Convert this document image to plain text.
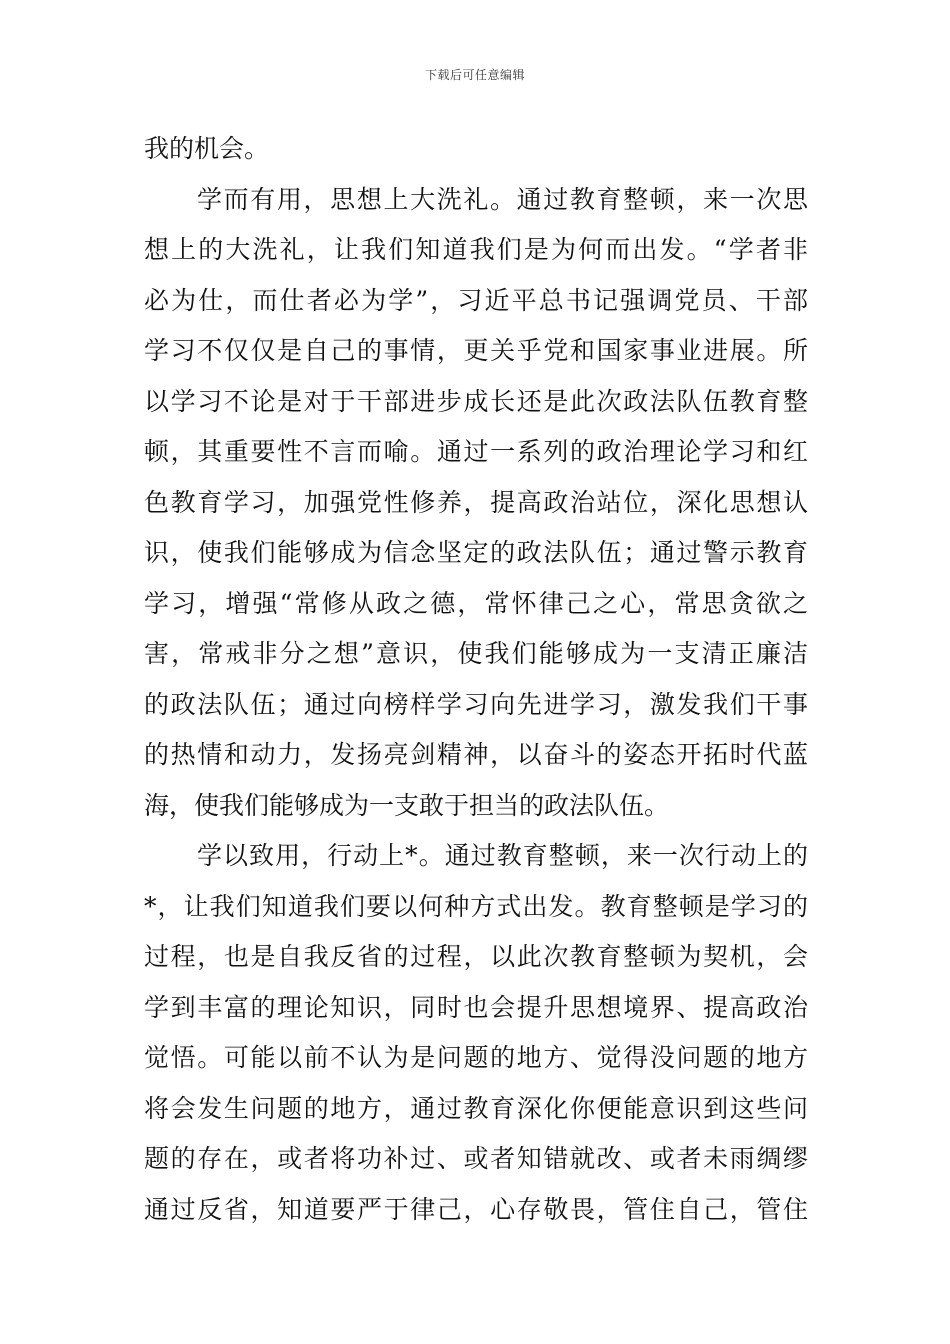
下载后可任意编辑
我的机会。
学而有用，思想上大洗礼。通过教育整顿，来一次思
想上的大洗礼，让我们知道我们是为何而出发。“学者非
必为仕，而仕者必为学”，习近平总书记强调党员、干部
学习不仅仅是自己的事情，更关乎党和国家事业进展。所
以学习不论是对于干部进步成长还是此次政法队伍教育整
顿，其重要性不言而喻。通过一系列的政治理论学习和红
色教育学习，加强党性修养，提高政治站位，深化思想认
识，使我们能够成为信念坚定的政法队伍；通过警示教育
学习，增强“常修从政之德，常怀律己之心，常思贪欲之
害，常戒非分之想”意识，使我们能够成为一支清正廉洁
的政法队伍；通过向榜样学习向先进学习，激发我们干事
的热情和动力，发扬亮剑精神，以奋斗的姿态开拓时代蓝
海，使我们能够成为一支敢于担当的政法队伍。
学以致用，行动上*。通过教育整顿，来一次行动上的
*，让我们知道我们要以何种方式出发。教育整顿是学习的
过程，也是自我反省的过程，以此次教育整顿为契机，会
学到丰富的理论知识，同时也会提升思想境界、提高政治
觉悟。可能以前不认为是问题的地方、觉得没问题的地方
将会发生问题的地方，通过教育深化你便能意识到这些问
题的存在，或者将功补过、或者知错就改、或者未雨绸缪
通过反省，知道要严于律己，心存敬畏，管住自己，管住
